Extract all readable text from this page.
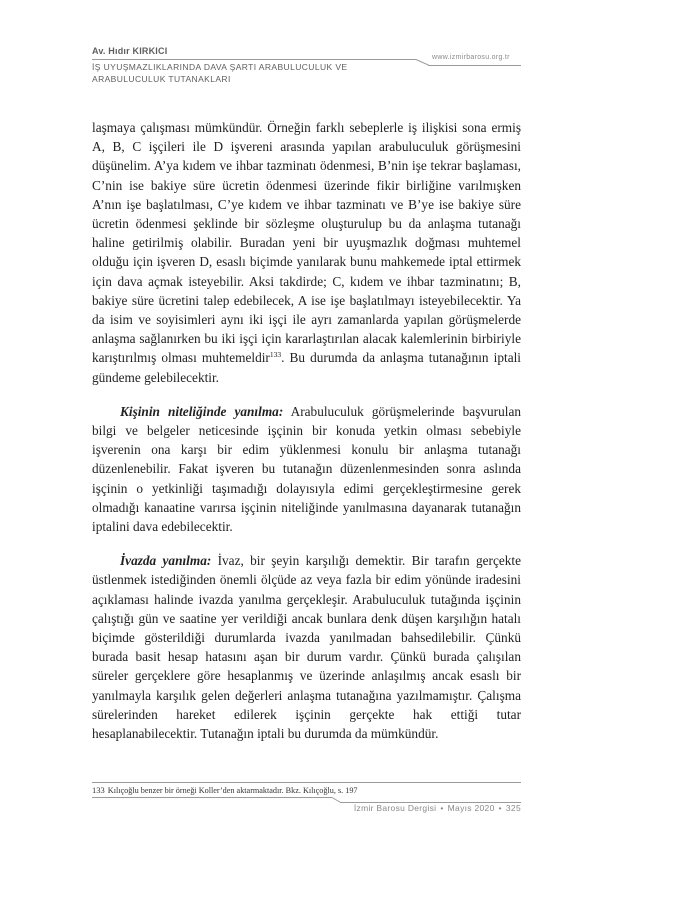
Av. Hıdır KIRKICI
www.izmirbarosu.org.tr
İŞ UYUŞMAZLIKLARINDA DAVA ŞARTI ARABULUCULUK VE
ARABULUCULUK TUTANAKLARI

laşmaya çalışması mümkündür. Örneğin farklı sebeplerle iş ilişkisi sona ermiş A, B, C işçileri ile D işvereni arasında yapılan arabuluculuk görüşmesini düşünelim. A’ya kıdem ve ihbar tazminatı ödenmesi, B’nin işe tekrar başlaması, C’nin ise bakiye süre ücretin ödenmesi üzerinde fikir birliğine varılmışken A’nın işe başlatılması, C’ye kıdem ve ihbar tazminatı ve B’ye ise bakiye süre ücretin ödenmesi şeklinde bir sözleşme oluşturulup bu da anlaşma tutanağı haline getirilmiş olabilir. Buradan yeni bir uyuşmazlık doğması muhtemel olduğu için işveren D, esaslı biçimde yanılarak bunu mahkemede iptal ettirmek için dava açmak isteyebilir. Aksi takdirde; C, kıdem ve ihbar tazminatını; B, bakiye süre ücretini talep edebilecek, A ise işe başlatılmayı isteyebilecektir. Ya da isim ve soyisimleri aynı iki işçi ile ayrı zamanlarda yapılan görüşmelerde anlaşma sağlanırken bu iki işçi için kararlaştırılan alacak kalemlerinin birbiriyle karıştırılmış olması muhtemeldir$^{133}$. Bu durumda da anlaşma tutanağının iptali gündeme gelebilecektir.

Kişinin niteliğinde yanılma: Arabuluculuk görüşmelerinde başvurulan bilgi ve belgeler neticesinde işçinin bir konuda yetkin olması sebebiyle işverenin ona karşı bir edim yüklenmesi konulu bir anlaşma tutanağı düzenlenebilir. Fakat işveren bu tutanağın düzenlenmesinden sonra aslında işçinin o yetkinliği taşımadığı dolayısıyla edimi gerçekleştirmesine gerek olmadığı kanaatine varırsa işçinin niteliğinde yanılmasına dayanarak tutanağın iptalini dava edebilecektir.

İvazda yanılma: İvaz, bir şeyin karşılığı demektir. Bir tarafın gerçekte üstlenmek istediğinden önemli ölçüde az veya fazla bir edim yönünde iradesini açıklaması halinde ivazda yanılma gerçekleşir. Arabuluculuk tutağında işçinin çalıştığı gün ve saatine yer verildiği ancak bunlara denk düşen karşılığın hatalı biçimde gösterildiği durumlarda ivazda yanılmadan bahsedilebilir. Çünkü burada basit hesap hatasını aşan bir durum vardır. Çünkü burada çalışılan süreler gerçeklere göre hesaplanmış ve üzerinde anlaşılmış ancak esaslı bir yanılmayla karşılık gelen değerleri anlaşma tutanağına yazılmamıştır. Çalışma sürelerinden hareket edilerek işçinin gerçekte hak ettiği tutar hesaplanabilecektir. Tutanağın iptali bu durumda da mümkündür.

133 Kılıçoğlu benzer bir örneği Koller’den aktarmaktadır. Bkz. Kılıçoğlu, s. 197
İzmir Barosu Dergisi • Mayıs 2020 • 325
